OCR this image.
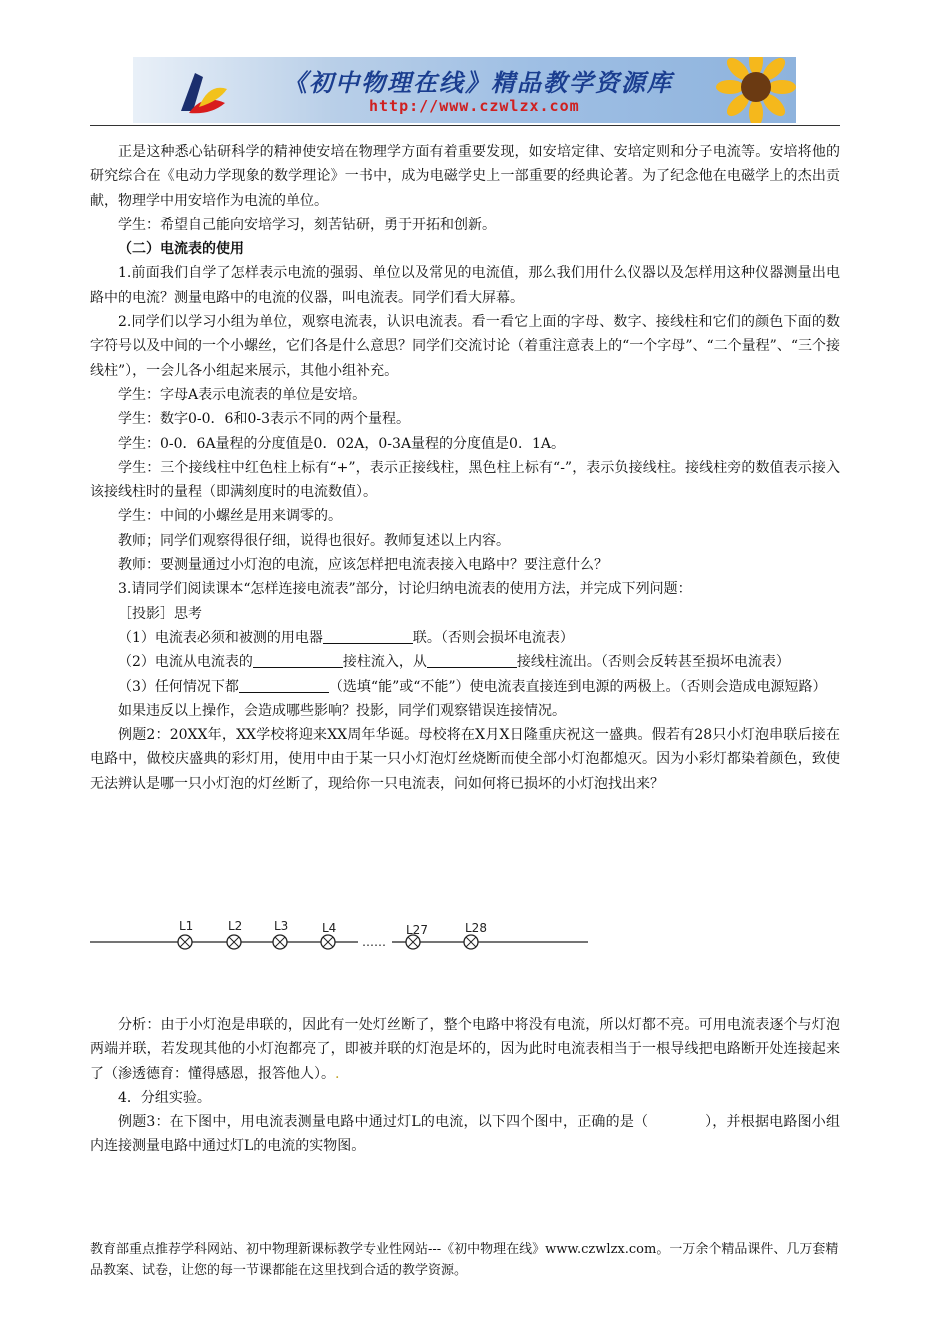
《初中物理在线》精品教学资源库
http://www.czwlzx.com

正是这种悉心钻研科学的精神使安培在物理学方面有着重要发现，如安培定律、安培定则和分子电流等。安培将他的研究综合在《电动力学现象的数学理论》一书中，成为电磁学史上一部重要的经典论著。为了纪念他在电磁学上的杰出贡献，物理学中用安培作为电流的单位。

学生：希望自己能向安培学习，刻苦钻研，勇于开拓和创新。

（二）电流表的使用

1.前面我们自学了怎样表示电流的强弱、单位以及常见的电流值，那么我们用什么仪器以及怎样用这种仪器测量出电路中的电流？测量电路中的电流的仪器，叫电流表。同学们看大屏幕。

2.同学们以学习小组为单位，观察电流表，认识电流表。看一看它上面的字母、数字、接线柱和它们的颜色下面的数字符号以及中间的一个小螺丝，它们各是什么意思？同学们交流讨论（着重注意表上的“一个字母”、“二个量程”、“三个接线柱”），一会儿各小组起来展示，其他小组补充。

学生：字母A表示电流表的单位是安培。

学生：数字0-0．6和0-3表示不同的两个量程。

学生：0-0．6A量程的分度值是0．02A，0-3A量程的分度值是0．1A。

学生：三个接线柱中红色柱上标有“+”，表示正接线柱，黑色柱上标有“-”，表示负接线柱。接线柱旁的数值表示接入该接线柱时的量程（即满刻度时的电流数值）。

学生：中间的小螺丝是用来调零的。

教师；同学们观察得很仔细，说得也很好。教师复述以上内容。

教师：要测量通过小灯泡的电流，应该怎样把电流表接入电路中？要注意什么？

3.请同学们阅读课本“怎样连接电流表”部分，讨论归纳电流表的使用方法，并完成下列问题：

［投影］思考

（1）电流表必须和被测的用电器	联。（否则会损坏电流表）

（2）电流从电流表的	接柱流入，从	接线柱流出。（否则会反转甚至损坏电流表）

（3）任何情况下都	（选填“能”或“不能”）使电流表直接连到电源的两极上。（否则会造成电源短路）

如果违反以上操作，会造成哪些影响？投影，同学们观察错误连接情况。

例题2：20XX年，XX学校将迎来XX周年华诞。母校将在X月X日隆重庆祝这一盛典。假若有28只小灯泡串联后接在电路中，做校庆盛典的彩灯用，使用中由于某一只小灯泡灯丝烧断而使全部小灯泡都熄灭。因为小彩灯都染着颜色，致使无法辨认是哪一只小灯泡的灯丝断了，现给你一只电流表，问如何将已损坏的小灯泡找出来？

……
L1	L2	L3	L4	L27	L28

分析：由于小灯泡是串联的，因此有一处灯丝断了，整个电路中将没有电流，所以灯都不亮。可用电流表逐个与灯泡两端并联，若发现其他的小灯泡都亮了，即被并联的灯泡是坏的，因为此时电流表相当于一根导线把电路断开处连接起来了（渗透德育：懂得感恩，报答他人）。.

4．分组实验。

例题3：在下图中，用电流表测量电路中通过灯L的电流，以下四个图中，正确的是（　　　　），并根据电路图小组内连接测量电路中通过灯L的电流的实物图。

教育部重点推荐学科网站、初中物理新课标教学专业性网站---《初中物理在线》www.czwlzx.com。一万余个精品课件、几万套精品教案、试卷，让您的每一节课都能在这里找到合适的教学资源。
